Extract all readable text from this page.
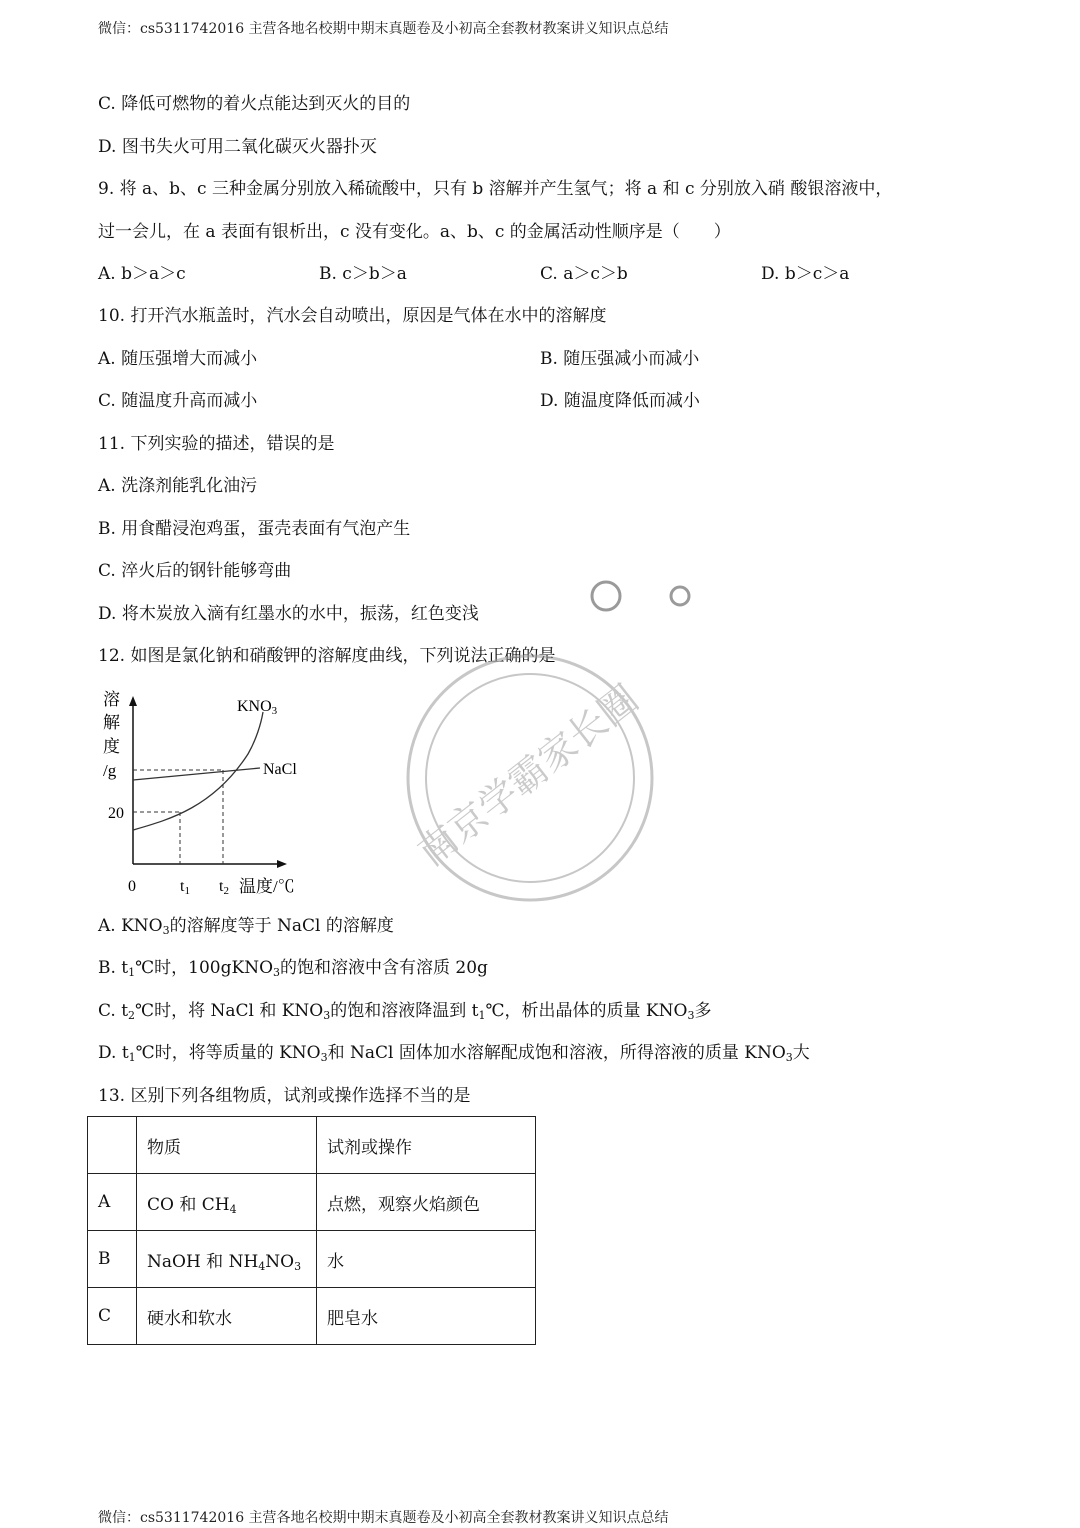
微信：cs5311742016 主营各地名校期中期末真题卷及小初高全套教材教案讲义知识点总结
C. 降低可燃物的着火点能达到灭火的目的
D. 图书失火可用二氧化碳灭火器扑灭
9. 将 a、b、c 三种金属分别放入稀硫酸中，只有 b 溶解并产生氢气；将 a 和 c 分别放入硝 酸银溶液中，
过一会儿，在 a 表面有银析出，c 没有变化。a、b、c 的金属活动性顺序是（　　）
A. b＞a＞c	B. c＞b＞a	C. a＞c＞b	D. b＞c＞a
10. 打开汽水瓶盖时，汽水会自动喷出，原因是气体在水中的溶解度
A. 随压强增大而减小	B. 随压强减小而减小
C. 随温度升高而减小	D. 随温度降低而减小
11. 下列实验的描述，错误的是
A. 洗涤剂能乳化油污
B. 用食醋浸泡鸡蛋，蛋壳表面有气泡产生
C. 淬火后的钢针能够弯曲
D. 将木炭放入滴有红墨水的水中，振荡，红色变浅
12. 如图是氯化钠和硝酸钾的溶解度曲线，下列说法正确的是
溶
解
度
/g
KNO3
NaCl
20
0	t1 t2 温度/℃
A. $KNO_3$的溶解度等于 NaCl 的溶解度
B. $t_1℃$时，100gKNO$_3$的饱和溶液中含有溶质 20g
C. $t_2℃$时，将 NaCl 和 $KNO_3$的饱和溶液降温到 $t_1℃$，析出晶体的质量 $KNO_3$多
D. $t_1℃$时，将等质量的 $KNO_3$和 NaCl 固体加水溶解配成饱和溶液，所得溶液的质量 $KNO_3$大
13. 区别下列各组物质，试剂或操作选择不当的是
	物质	试剂或操作
A	CO 和 $CH_4$	点燃，观察火焰颜色
B	NaOH 和 $NH_4NO_3$	水
C	硬水和软水	肥皂水
南京学霸家长圈
微信：cs5311742016 主营各地名校期中期末真题卷及小初高全套教材教案讲义知识点总结
